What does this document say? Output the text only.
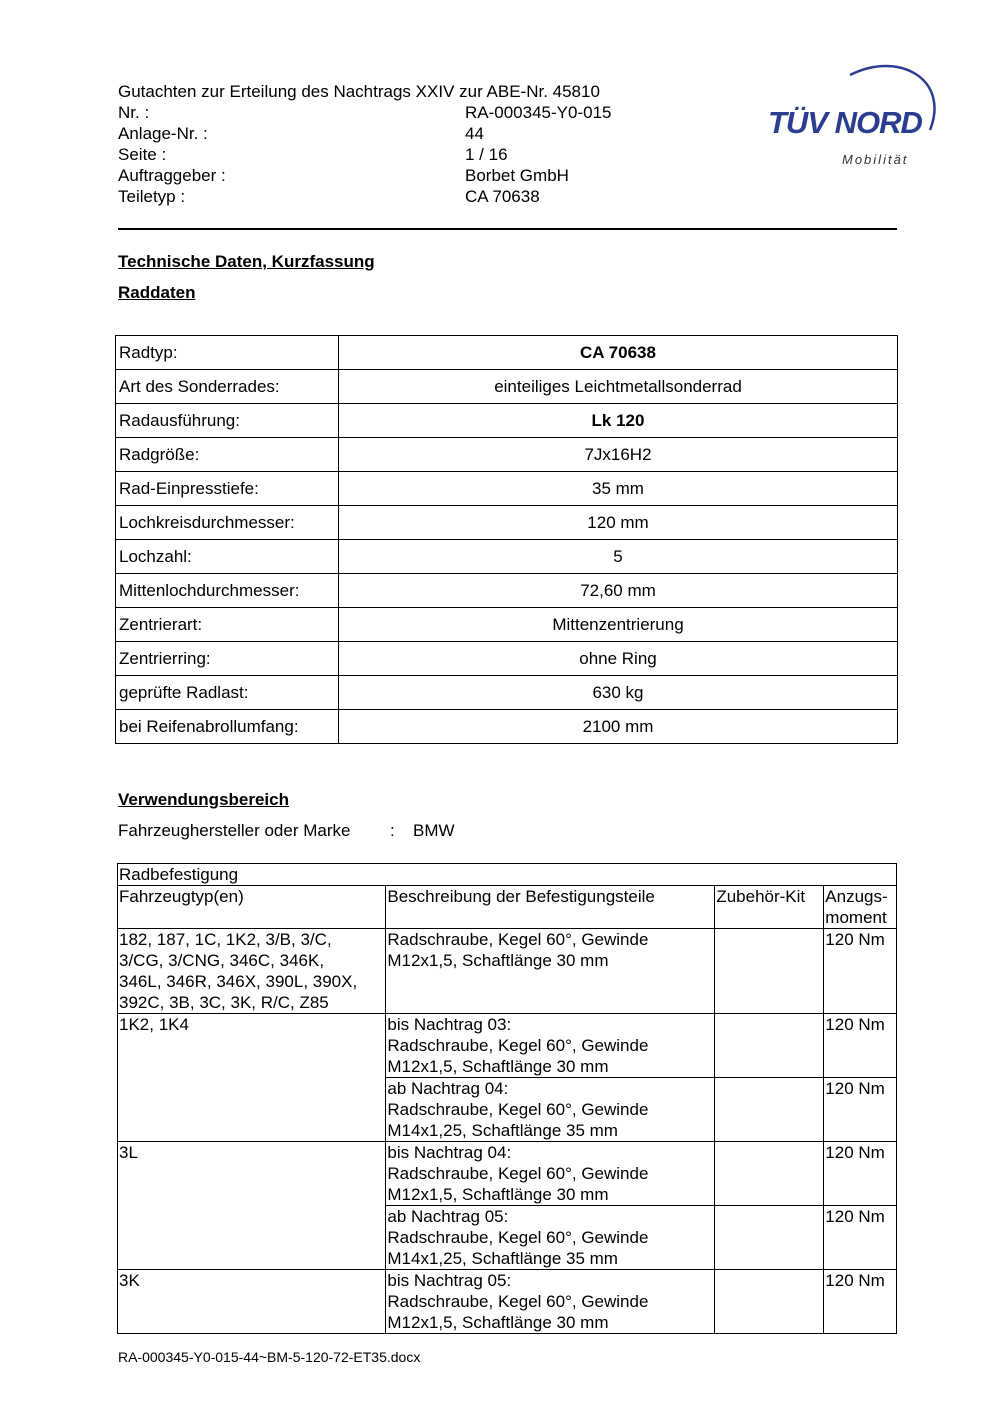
Gutachten zur Erteilung des Nachtrags XXIV zur ABE-Nr. 45810
Nr. :	RA-000345-Y0-015
Anlage-Nr. :	44
Seite :	1 / 16
Auftraggeber :	Borbet GmbH
Teiletyp :	CA 70638
TÜV NORD
Mobilität
Technische Daten, Kurzfassung
Raddaten
Radtyp:	CA 70638
Art des Sonderrades:	einteiliges Leichtmetallsonderrad
Radausführung:	Lk 120
Radgröße:	7Jx16H2
Rad-Einpresstiefe:	35 mm
Lochkreisdurchmesser:	120 mm
Lochzahl:	5
Mittenlochdurchmesser:	72,60 mm
Zentrierart:	Mittenzentrierung
Zentrierring:	ohne Ring
geprüfte Radlast:	630 kg
bei Reifenabrollumfang:	2100 mm
Verwendungsbereich
Fahrzeughersteller oder Marke : BMW
Radbefestigung			
Fahrzeugtyp(en)	Beschreibung der Befestigungsteile	Zubehör-Kit	Anzugs-
moment

182, 187, 1C, 1K2, 3/B, 3/C,
3/CG, 3/CNG, 346C, 346K,
346L, 346R, 346X, 390L, 390X,
392C, 3B, 3C, 3K, R/C, Z85	Radschraube, Kegel 60°, Gewinde
M12x1,5, Schaftlänge 30 mm		120 Nm

1K2, 1K4	bis Nachtrag 03:
Radschraube, Kegel 60°, Gewinde
M12x1,5, Schaftlänge 30 mm		120 Nm

	ab Nachtrag 04:
Radschraube, Kegel 60°, Gewinde
M14x1,25, Schaftlänge 35 mm		120 Nm

3L	bis Nachtrag 04:
Radschraube, Kegel 60°, Gewinde
M12x1,5, Schaftlänge 30 mm		120 Nm

	ab Nachtrag 05:
Radschraube, Kegel 60°, Gewinde
M14x1,25, Schaftlänge 35 mm		120 Nm

3K	bis Nachtrag 05:
Radschraube, Kegel 60°, Gewinde
M12x1,5, Schaftlänge 30 mm		120 Nm
RA-000345-Y0-015-44~BM-5-120-72-ET35.docx
